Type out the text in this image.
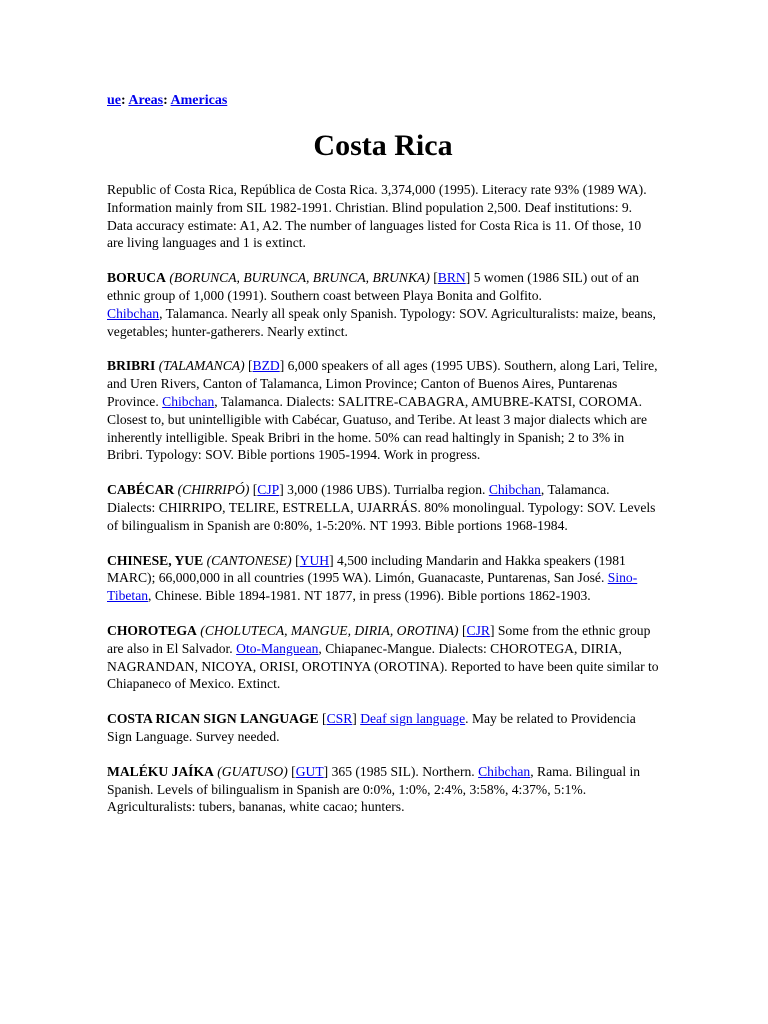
ue: Areas: Americas
Costa Rica

Republic of Costa Rica, República de Costa Rica. 3,374,000 (1995). Literacy rate 93% (1989 WA). Information mainly from SIL 1982-1991. Christian. Blind population 2,500. Deaf institutions: 9. Data accuracy estimate: A1, A2. The number of languages listed for Costa Rica is 11. Of those, 10 are living languages and 1 is extinct.

BORUCA (BORUNCA, BURUNCA, BRUNCA, BRUNKA) [BRN] 5 women (1986 SIL) out of an ethnic group of 1,000 (1991). Southern coast between Playa Bonita and Golfito.
Chibchan, Talamanca. Nearly all speak only Spanish. Typology: SOV. Agriculturalists: maize, beans, vegetables; hunter-gatherers. Nearly extinct.

BRIBRI (TALAMANCA) [BZD] 6,000 speakers of all ages (1995 UBS). Southern, along Lari, Telire, and Uren Rivers, Canton of Talamanca, Limon Province; Canton of Buenos Aires, Puntarenas Province. Chibchan, Talamanca. Dialects: SALITRE-CABAGRA, AMUBRE-KATSI, COROMA. Closest to, but unintelligible with Cabécar, Guatuso, and Teribe. At least 3 major dialects which are inherently intelligible. Speak Bribri in the home. 50% can read haltingly in Spanish; 2 to 3% in Bribri. Typology: SOV. Bible portions 1905-1994. Work in progress.

CABÉCAR (CHIRRIPÓ) [CJP] 3,000 (1986 UBS). Turrialba region. Chibchan, Talamanca. Dialects: CHIRRIPO, TELIRE, ESTRELLA, UJARRÁS. 80% monolingual. Typology: SOV. Levels of bilingualism in Spanish are 0:80%, 1-5:20%. NT 1993. Bible portions 1968-1984.

CHINESE, YUE (CANTONESE) [YUH] 4,500 including Mandarin and Hakka speakers (1981 MARC); 66,000,000 in all countries (1995 WA). Limón, Guanacaste, Puntarenas, San José. Sino-Tibetan, Chinese. Bible 1894-1981. NT 1877, in press (1996). Bible portions 1862-1903.

CHOROTEGA (CHOLUTECA, MANGUE, DIRIA, OROTINA) [CJR] Some from the ethnic group are also in El Salvador. Oto-Manguean, Chiapanec-Mangue. Dialects: CHOROTEGA, DIRIA, NAGRANDAN, NICOYA, ORISI, OROTINYA (OROTINA). Reported to have been quite similar to Chiapaneco of Mexico. Extinct.

COSTA RICAN SIGN LANGUAGE [CSR] Deaf sign language. May be related to Providencia Sign Language. Survey needed.

MALÉKU JAÍKA (GUATUSO) [GUT] 365 (1985 SIL). Northern. Chibchan, Rama. Bilingual in Spanish. Levels of bilingualism in Spanish are 0:0%, 1:0%, 2:4%, 3:58%, 4:37%, 5:1%. Agriculturalists: tubers, bananas, white cacao; hunters.
